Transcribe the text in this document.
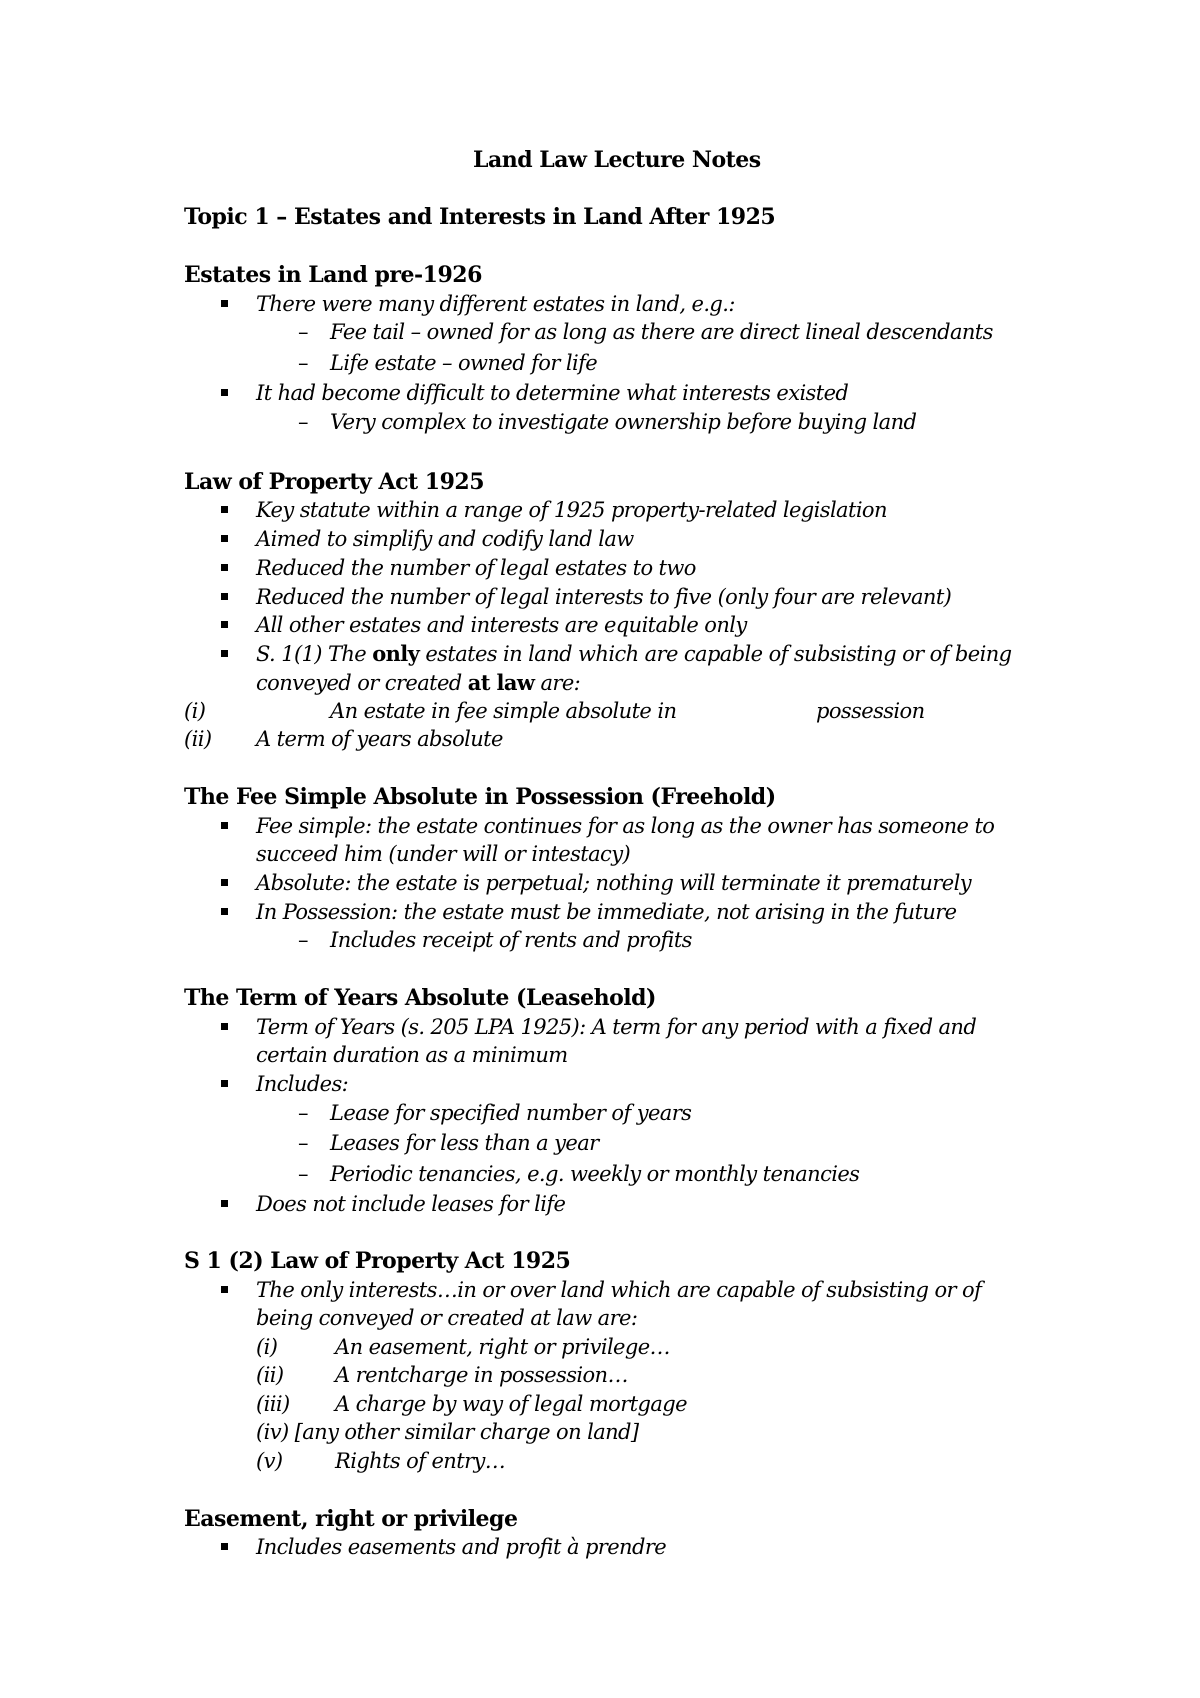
Land Law Lecture Notes
Topic 1 – Estates and Interests in Land After 1925
Estates in Land pre-1926
There were many different estates in land, e.g.:
– Fee tail – owned for as long as there are direct lineal descendants
– Life estate – owned for life
It had become difficult to determine what interests existed
– Very complex to investigate ownership before buying land
Law of Property Act 1925
Key statute within a range of 1925 property-related legislation
Aimed to simplify and codify land law
Reduced the number of legal estates to two
Reduced the number of legal interests to five (only four are relevant)
All other estates and interests are equitable only
S. 1(1) The only estates in land which are capable of subsisting or of being
conveyed or created at law are:
(i)	An estate in fee simple absolute in	possession
(ii) A term of years absolute
The Fee Simple Absolute in Possession (Freehold)
Fee simple: the estate continues for as long as the owner has someone to
succeed him (under will or intestacy)
Absolute: the estate is perpetual; nothing will terminate it prematurely
In Possession: the estate must be immediate, not arising in the future
– Includes receipt of rents and profits
The Term of Years Absolute (Leasehold)
Term of Years (s. 205 LPA 1925): A term for any period with a fixed and
certain duration as a minimum
Includes:
– Lease for specified number of years
– Leases for less than a year
– Periodic tenancies, e.g. weekly or monthly tenancies
Does not include leases for life
S 1 (2) Law of Property Act 1925
The only interests…in or over land which are capable of subsisting or of
being conveyed or created at law are:
(i)	An easement, right or privilege…
(ii) A rentcharge in possession…
(iii) A charge by way of legal mortgage
(iv) [any other similar charge on land]
(v)	Rights of entry…
Easement, right or privilege
Includes easements and profit à prendre
